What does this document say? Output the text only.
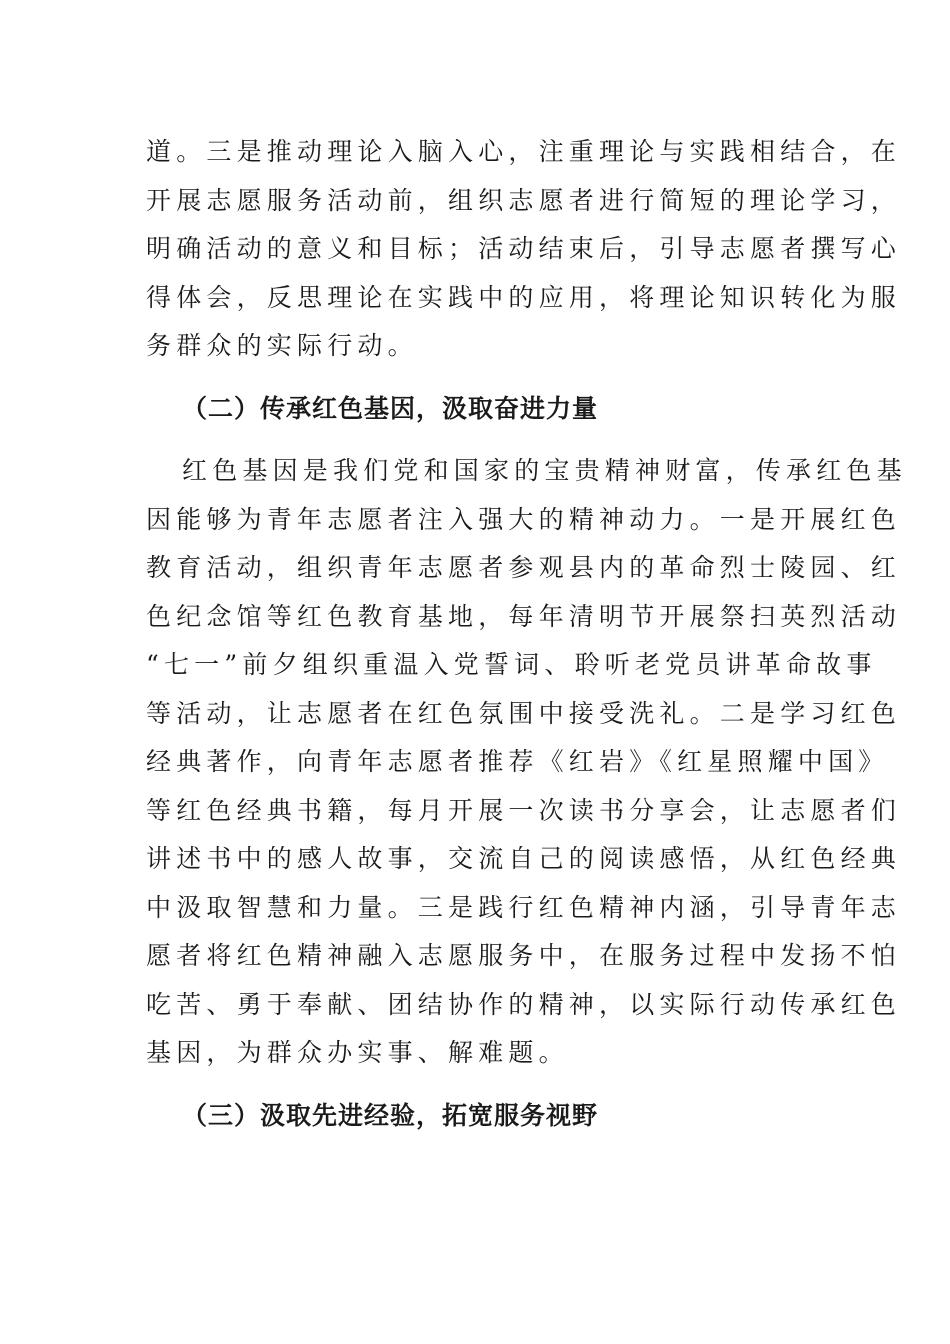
道。三是推动理论入脑入心，注重理论与实践相结合，在
开展志愿服务活动前，组织志愿者进行简短的理论学习，
明确活动的意义和目标；活动结束后，引导志愿者撰写心
得体会，反思理论在实践中的应用，将理论知识转化为服
务群众的实际行动。
（二）传承红色基因，汲取奋进力量
红色基因是我们党和国家的宝贵精神财富，传承红色基
因能够为青年志愿者注入强大的精神动力。一是开展红色
教育活动，组织青年志愿者参观县内的革命烈士陵园、红
色纪念馆等红色教育基地，每年清明节开展祭扫英烈活动
“七一”前夕组织重温入党誓词、聆听老党员讲革命故事
等活动，让志愿者在红色氛围中接受洗礼。二是学习红色
经典著作，向青年志愿者推荐《红岩》《红星照耀中国》
等红色经典书籍，每月开展一次读书分享会，让志愿者们
讲述书中的感人故事，交流自己的阅读感悟，从红色经典
中汲取智慧和力量。三是践行红色精神内涵，引导青年志
愿者将红色精神融入志愿服务中，在服务过程中发扬不怕
吃苦、勇于奉献、团结协作的精神，以实际行动传承红色
基因，为群众办实事、解难题。
（三）汲取先进经验，拓宽服务视野
